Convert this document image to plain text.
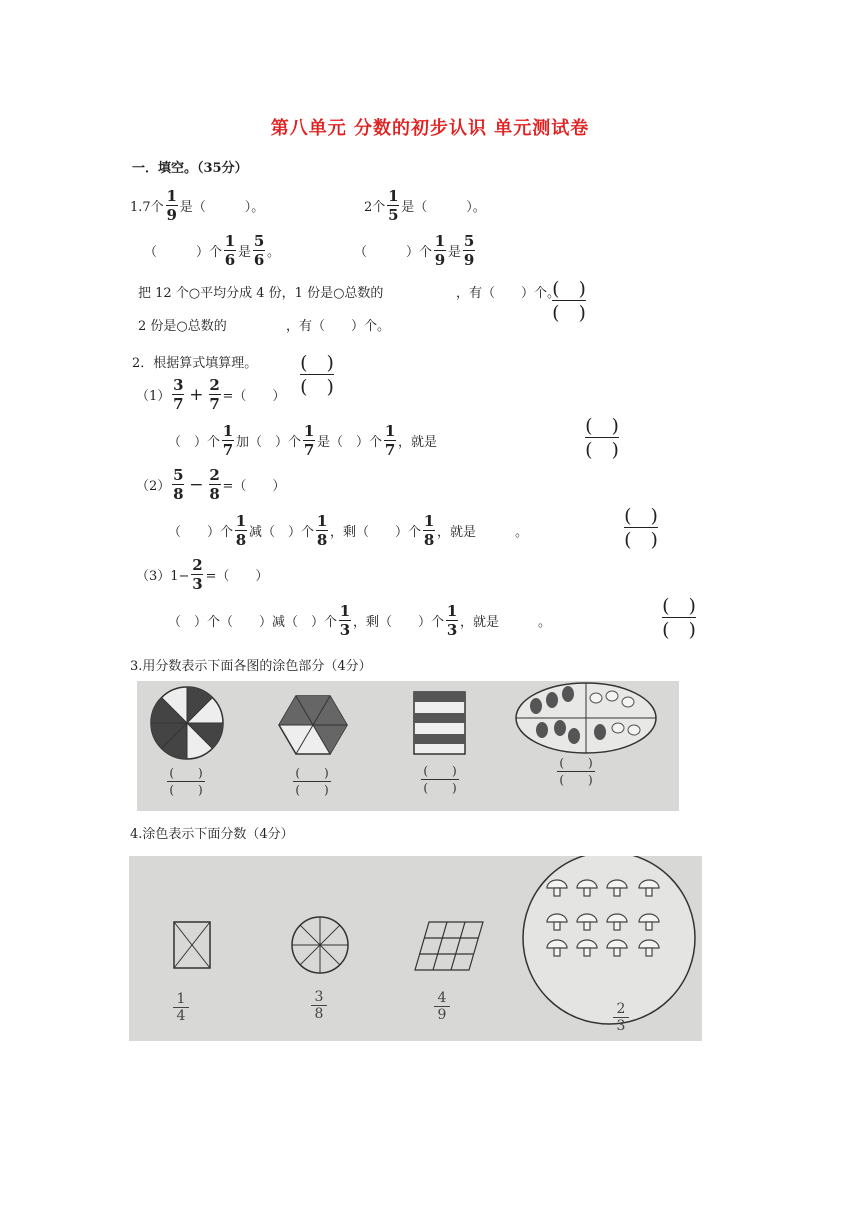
第八单元 分数的初步认识 单元测试卷
一．填空。（35分）
1.7个
1
9 是（　　　）。	2个
1
5 是（　　　）。
（　　　）个
1
6 是
5
6 。	（　　　）个
1
9 是
5
9
把 12 个○平均分成 4 份，1 份是○总数的	，有（　　）个。
(　)
(　)
2 份是○总数的	，有（　　）个。
2．根据算式填算理。 (　)
(　)
（1）
3
7 + 2
7 =（　　）
（　）个
1
7 加（　）个
1
7 是（　）个
1
7 ，就是
(　)
(　)
（2）
5
8 − 2
8 =（　　）
（　　）个
1
8 减（　）个
1
8 ，剩（　　）个
1
8 ，就是　　　。
(　)
(　)
（3）1−
2
3 =（　　）
（　）个（　　）减（　）个
1
3 ，剩（　　）个
1
3 ，就是　　　。
(　)
(　)
3.用分数表示下面各图的涂色部分（4分）
(　　)
(　　)
(　　)
(　　)
(　　)
(　　)
(　　)
(　　)
4.涂色表示下面分数（4分）
1
4
3
8
4
9	2
3
